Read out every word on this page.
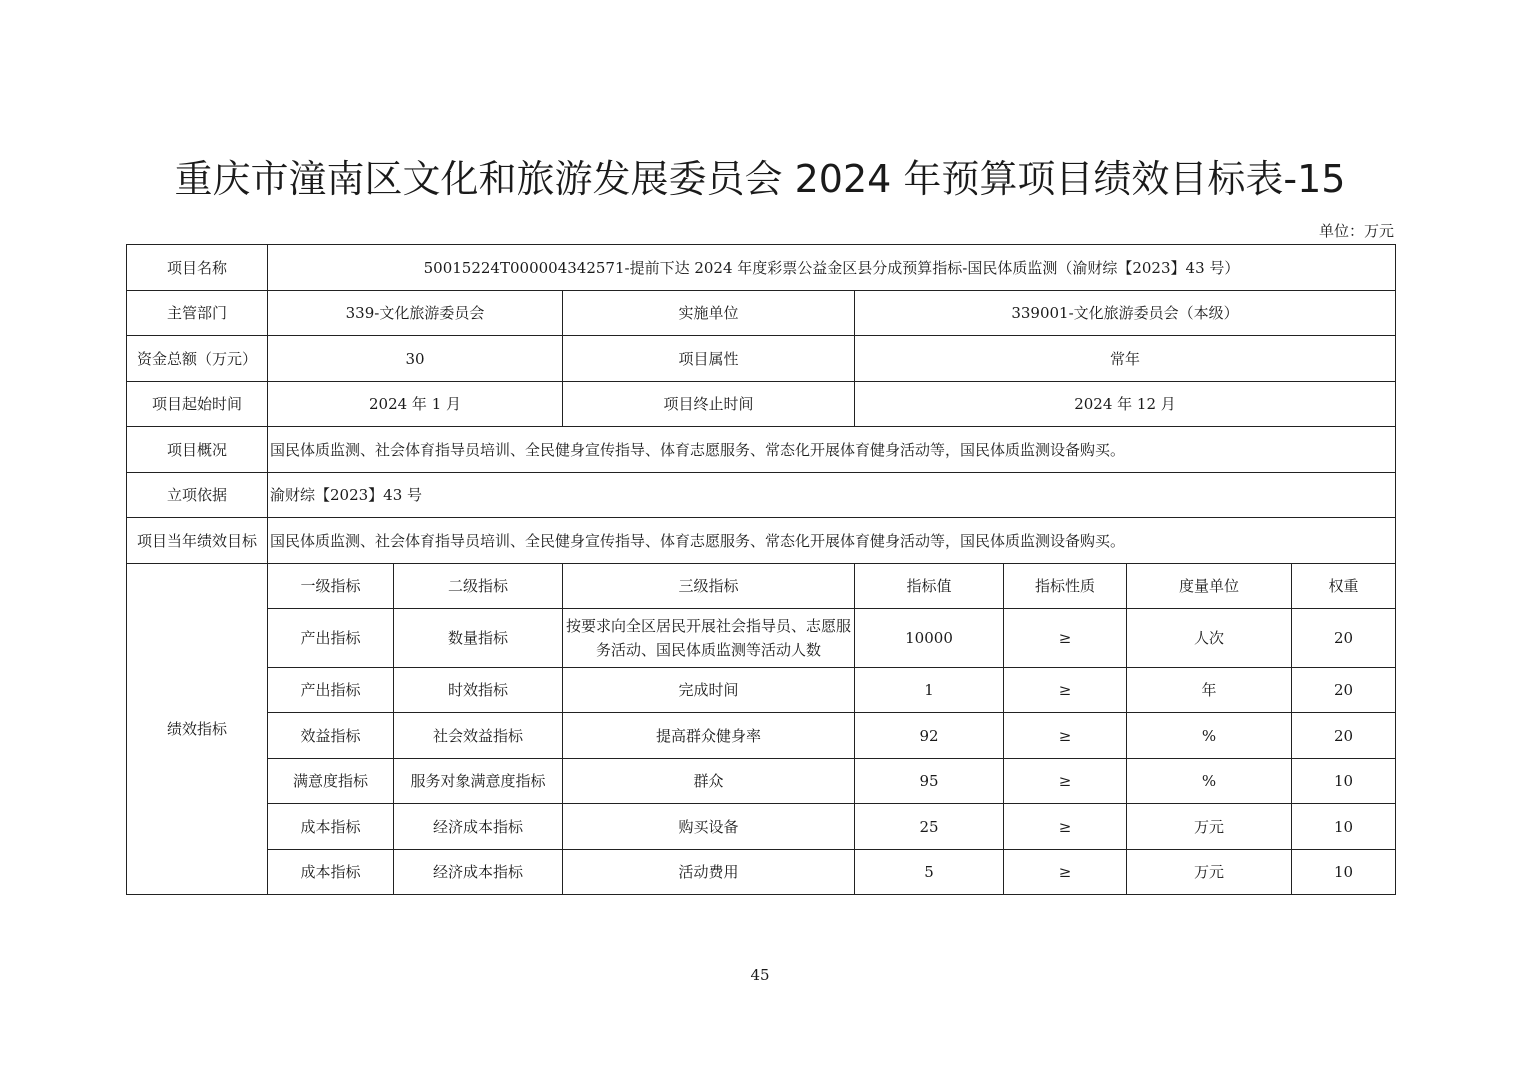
重庆市潼南区文化和旅游发展委员会 2024 年预算项目绩效目标表-15
单位：万元
项目名称	50015224T000004342571-提前下达 2024 年度彩票公益金区县分成预算指标-国民体质监测（渝财综【2023】43 号）						
主管部门	339-文化旅游委员会		实施单位	339001-文化旅游委员会（本级）			
资金总额（万元）	30		项目属性	常年			
项目起始时间	2024 年 1 月		项目终止时间	2024 年 12 月			
项目概况	国民体质监测、社会体育指导员培训、全民健身宣传指导、体育志愿服务、常态化开展体育健身活动等，国民体质监测设备购买。						
立项依据	渝财综【2023】43 号						
项目当年绩效目标	国民体质监测、社会体育指导员培训、全民健身宣传指导、体育志愿服务、常态化开展体育健身活动等，国民体质监测设备购买。						
绩效指标	一级指标	二级指标	三级指标	指标值	指标性质	度量单位	权重
	产出指标	数量指标	按要求向全区居民开展社会指导员、志愿服务活动、国民体质监测等活动人数	10000	≥	人次	20
	产出指标	时效指标	完成时间	1	≥	年	20
	效益指标	社会效益指标	提高群众健身率	92	≥	%	20
	满意度指标	服务对象满意度指标	群众	95	≥	%	10
	成本指标	经济成本指标	购买设备	25	≥	万元	10
	成本指标	经济成本指标	活动费用	5	≥	万元	10
45
